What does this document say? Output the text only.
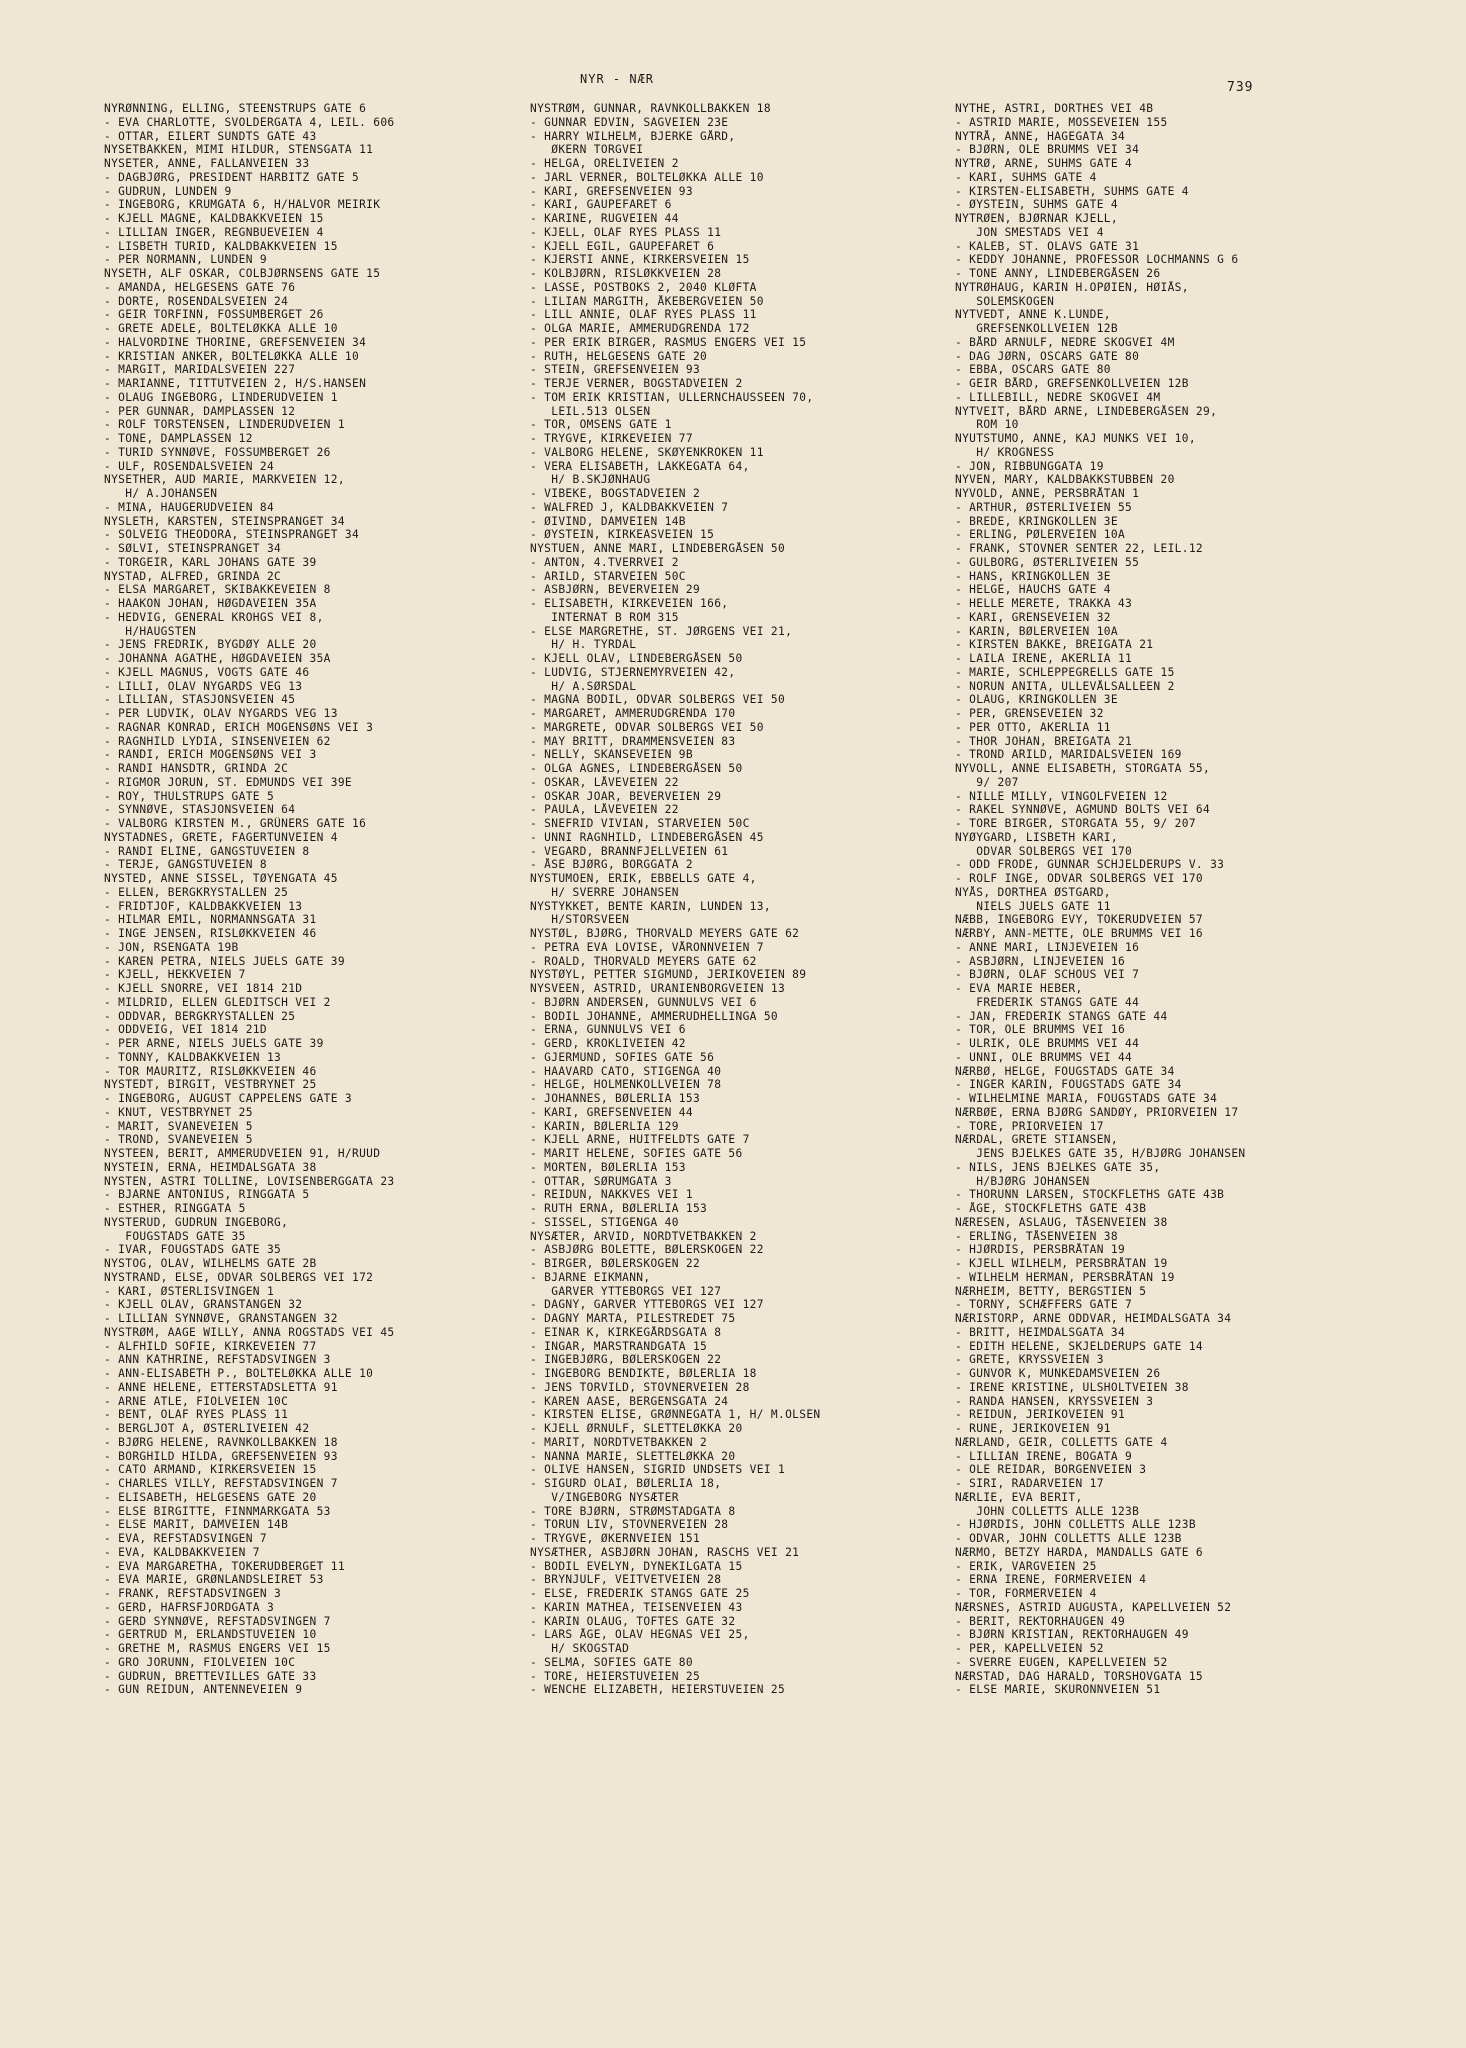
NYR - NÆR
739
NYRØNNING, ELLING, STEENSTRUPS GATE 6
- EVA CHARLOTTE, SVOLDERGATA 4, LEIL. 606
- OTTAR, EILERT SUNDTS GATE 43
NYSETBAKKEN, MIMI HILDUR, STENSGATA 11
NYSETER, ANNE, FALLANVEIEN 33
- DAGBJØRG, PRESIDENT HARBITZ GATE 5
- GUDRUN, LUNDEN 9
- INGEBORG, KRUMGATA 6, H/HALVOR MEIRIK
- KJELL MAGNE, KALDBAKKVEIEN 15
- LILLIAN INGER, REGNBUEVEIEN 4
- LISBETH TURID, KALDBAKKVEIEN 15
- PER NORMANN, LUNDEN 9
NYSETH, ALF OSKAR, COLBJØRNSENS GATE 15
- AMANDA, HELGESENS GATE 76
- DORTE, ROSENDALSVEIEN 24
- GEIR TORFINN, FOSSUMBERGET 26
- GRETE ADELE, BOLTELØKKA ALLE 10
- HALVORDINE THORINE, GREFSENVEIEN 34
- KRISTIAN ANKER, BOLTELØKKA ALLE 10
- MARGIT, MARIDALSVEIEN 227
- MARIANNE, TITTUTVEIEN 2, H/S.HANSEN
- OLAUG INGEBORG, LINDERUDVEIEN 1
- PER GUNNAR, DAMPLASSEN 12
- ROLF TORSTENSEN, LINDERUDVEIEN 1
- TONE, DAMPLASSEN 12
- TURID SYNNØVE, FOSSUMBERGET 26
- ULF, ROSENDALSVEIEN 24
NYSETHER, AUD MARIE, MARKVEIEN 12,
H/ A.JOHANSEN
- MINA, HAUGERUDVEIEN 84
NYSLETH, KARSTEN, STEINSPRANGET 34
- SOLVEIG THEODORA, STEINSPRANGET 34
- SØLVI, STEINSPRANGET 34
- TORGEIR, KARL JOHANS GATE 39
NYSTAD, ALFRED, GRINDA 2C
- ELSA MARGARET, SKIBAKKEVEIEN 8
- HAAKON JOHAN, HØGDAVEIEN 35A
- HEDVIG, GENERAL KROHGS VEI 8,
H/HAUGSTEN
- JENS FREDRIK, BYGDØY ALLE 20
- JOHANNA AGATHE, HØGDAVEIEN 35A
- KJELL MAGNUS, VOGTS GATE 46
- LILLI, OLAV NYGARDS VEG 13
- LILLIAN, STASJONSVEIEN 45
- PER LUDVIK, OLAV NYGARDS VEG 13
- RAGNAR KONRAD, ERICH MOGENSØNS VEI 3
- RAGNHILD LYDIA, SINSENVEIEN 62
- RANDI, ERICH MOGENSØNS VEI 3
- RANDI HANSDTR, GRINDA 2C
- RIGMOR JORUN, ST. EDMUNDS VEI 39E
- ROY, THULSTRUPS GATE 5
- SYNNØVE, STASJONSVEIEN 64
- VALBORG KIRSTEN M., GRÜNERS GATE 16
NYSTADNES, GRETE, FAGERTUNVEIEN 4
- RANDI ELINE, GANGSTUVEIEN 8
- TERJE, GANGSTUVEIEN 8
NYSTED, ANNE SISSEL, TØYENGATA 45
- ELLEN, BERGKRYSTALLEN 25
- FRIDTJOF, KALDBAKKVEIEN 13
- HILMAR EMIL, NORMANNSGATA 31
- INGE JENSEN, RISLØKKVEIEN 46
- JON, RSENGATA 19B
- KAREN PETRA, NIELS JUELS GATE 39
- KJELL, HEKKVEIEN 7
- KJELL SNORRE, VEI 1814 21D
- MILDRID, ELLEN GLEDITSCH VEI 2
- ODDVAR, BERGKRYSTALLEN 25
- ODDVEIG, VEI 1814 21D
- PER ARNE, NIELS JUELS GATE 39
- TONNY, KALDBAKKVEIEN 13
- TOR MAURITZ, RISLØKKVEIEN 46
NYSTEDT, BIRGIT, VESTBRYNET 25
- INGEBORG, AUGUST CAPPELENS GATE 3
- KNUT, VESTBRYNET 25
- MARIT, SVANEVEIEN 5
- TROND, SVANEVEIEN 5
NYSTEEN, BERIT, AMMERUDVEIEN 91, H/RUUD
NYSTEIN, ERNA, HEIMDALSGATA 38
NYSTEN, ASTRI TOLLINE, LOVISENBERGGATA 23
- BJARNE ANTONIUS, RINGGATA 5
- ESTHER, RINGGATA 5
NYSTERUD, GUDRUN INGEBORG,
FOUGSTADS GATE 35
- IVAR, FOUGSTADS GATE 35
NYSTOG, OLAV, WILHELMS GATE 2B
NYSTRAND, ELSE, ODVAR SOLBERGS VEI 172
- KARI, ØSTERLISVINGEN 1
- KJELL OLAV, GRANSTANGEN 32
- LILLIAN SYNNØVE, GRANSTANGEN 32
NYSTRØM, AAGE WILLY, ANNA ROGSTADS VEI 45
- ALFHILD SOFIE, KIRKEVEIEN 77
- ANN KATHRINE, REFSTADSVINGEN 3
- ANN-ELISABETH P., BOLTELØKKA ALLE 10
- ANNE HELENE, ETTERSTADSLETTA 91
- ARNE ATLE, FIOLVEIEN 10C
- BENT, OLAF RYES PLASS 11
- BERGLJOT A, ØSTERLIVEIEN 42
- BJØRG HELENE, RAVNKOLLBAKKEN 18
- BORGHILD HILDA, GREFSENVEIEN 93
- CATO ARMAND, KIRKERSVEIEN 15
- CHARLES VILLY, REFSTADSVINGEN 7
- ELISABETH, HELGESENS GATE 20
- ELSE BIRGITTE, FINNMARKGATA 53
- ELSE MARIT, DAMVEIEN 14B
- EVA, REFSTADSVINGEN 7
- EVA, KALDBAKKVEIEN 7
- EVA MARGARETHA, TOKERUDBERGET 11
- EVA MARIE, GRØNLANDSLEIRET 53
- FRANK, REFSTADSVINGEN 3
- GERD, HAFRSFJORDGATA 3
- GERD SYNNØVE, REFSTADSVINGEN 7
- GERTRUD M, ERLANDSTUVEIEN 10
- GRETHE M, RASMUS ENGERS VEI 15
- GRO JORUNN, FIOLVEIEN 10C
- GUDRUN, BRETTEVILLES GATE 33
- GUN REIDUN, ANTENNEVEIEN 9
NYSTRØM, GUNNAR, RAVNKOLLBAKKEN 18
- GUNNAR EDVIN, SAGVEIEN 23E
- HARRY WILHELM, BJERKE GÅRD,
ØKERN TORGVEI
- HELGA, ORELIVEIEN 2
- JARL VERNER, BOLTELØKKA ALLE 10
- KARI, GREFSENVEIEN 93
- KARI, GAUPEFARET 6
- KARINE, RUGVEIEN 44
- KJELL, OLAF RYES PLASS 11
- KJELL EGIL, GAUPEFARET 6
- KJERSTI ANNE, KIRKERSVEIEN 15
- KOLBJØRN, RISLØKKVEIEN 28
- LASSE, POSTBOKS 2, 2040 KLØFTA
- LILIAN MARGITH, ÅKEBERGVEIEN 50
- LILL ANNIE, OLAF RYES PLASS 11
- OLGA MARIE, AMMERUDGRENDA 172
- PER ERIK BIRGER, RASMUS ENGERS VEI 15
- RUTH, HELGESENS GATE 20
- STEIN, GREFSENVEIEN 93
- TERJE VERNER, BOGSTADVEIEN 2
- TOM ERIK KRISTIAN, ULLERNCHAUSSEEN 70,
LEIL.513 OLSEN
- TOR, OMSENS GATE 1
- TRYGVE, KIRKEVEIEN 77
- VALBORG HELENE, SKØYENKROKEN 11
- VERA ELISABETH, LAKKEGATA 64,
H/ B.SKJØNHAUG
- VIBEKE, BOGSTADVEIEN 2
- WALFRED J, KALDBAKKVEIEN 7
- ØIVIND, DAMVEIEN 14B
- ØYSTEIN, KIRKEASVEIEN 15
NYSTUEN, ANNE MARI, LINDEBERGÅSEN 50
- ANTON, 4.TVERRVEI 2
- ARILD, STARVEIEN 50C
- ASBJØRN, BEVERVEIEN 29
- ELISABETH, KIRKEVEIEN 166,
INTERNAT B ROM 315
- ELSE MARGRETHE, ST. JØRGENS VEI 21,
H/ H. TYRDAL
- KJELL OLAV, LINDEBERGÅSEN 50
- LUDVIG, STJERNEMYRVEIEN 42,
H/ A.SØRSDAL
- MAGNA BODIL, ODVAR SOLBERGS VEI 50
- MARGARET, AMMERUDGRENDA 170
- MARGRETE, ODVAR SOLBERGS VEI 50
- MAY BRITT, DRAMMENSVEIEN 83
- NELLY, SKANSEVEIEN 9B
- OLGA AGNES, LINDEBERGÅSEN 50
- OSKAR, LÅVEVEIEN 22
- OSKAR JOAR, BEVERVEIEN 29
- PAULA, LÅVEVEIEN 22
- SNEFRID VIVIAN, STARVEIEN 50C
- UNNI RAGNHILD, LINDEBERGÅSEN 45
- VEGARD, BRANNFJELLVEIEN 61
- ÅSE BJØRG, BORGGATA 2
NYSTUMOEN, ERIK, EBBELLS GATE 4,
H/ SVERRE JOHANSEN
NYSTYKKET, BENTE KARIN, LUNDEN 13,
H/STORSVEEN
NYSTØL, BJØRG, THORVALD MEYERS GATE 62
- PETRA EVA LOVISE, VÅRONNVEIEN 7
- ROALD, THORVALD MEYERS GATE 62
NYSTØYL, PETTER SIGMUND, JERIKOVEIEN 89
NYSVEEN, ASTRID, URANIENBORGVEIEN 13
- BJØRN ANDERSEN, GUNNULVS VEI 6
- BODIL JOHANNE, AMMERUDHELLINGA 50
- ERNA, GUNNULVS VEI 6
- GERD, KROKLIVEIEN 42
- GJERMUND, SOFIES GATE 56
- HAAVARD CATO, STIGENGA 40
- HELGE, HOLMENKOLLVEIEN 78
- JOHANNES, BØLERLIA 153
- KARI, GREFSENVEIEN 44
- KARIN, BØLERLIA 129
- KJELL ARNE, HUITFELDTS GATE 7
- MARIT HELENE, SOFIES GATE 56
- MORTEN, BØLERLIA 153
- OTTAR, SØRUMGATA 3
- REIDUN, NAKKVES VEI 1
- RUTH ERNA, BØLERLIA 153
- SISSEL, STIGENGA 40
NYSÆTER, ARVID, NORDTVETBAKKEN 2
- ASBJØRG BOLETTE, BØLERSKOGEN 22
- BIRGER, BØLERSKOGEN 22
- BJARNE EIKMANN,
GARVER YTTEBORGS VEI 127
- DAGNY, GARVER YTTEBORGS VEI 127
- DAGNY MARTA, PILESTREDET 75
- EINAR K, KIRKEGÅRDSGATA 8
- INGAR, MARSTRANDGATA 15
- INGEBJØRG, BØLERSKOGEN 22
- INGEBORG BENDIKTE, BØLERLIA 18
- JENS TORVILD, STOVNERVEIEN 28
- KAREN AASE, BERGENSGATA 24
- KIRSTEN ELISE, GRØNNEGATA 1, H/ M.OLSEN
- KJELL ØRNULF, SLETTELØKKA 20
- MARIT, NORDTVETBAKKEN 2
- NANNA MARIE, SLETTELØKKA 20
- OLIVE HANSEN, SIGRID UNDSETS VEI 1
- SIGURD OLAI, BØLERLIA 18,
V/INGEBORG NYSÆTER
- TORE BJØRN, STRØMSTADGATA 8
- TORUN LIV, STOVNERVEIEN 28
- TRYGVE, ØKERNVEIEN 151
NYSÆTHER, ASBJØRN JOHAN, RASCHS VEI 21
- BODIL EVELYN, DYNEKILGATA 15
- BRYNJULF, VEITVETVEIEN 28
- ELSE, FREDERIK STANGS GATE 25
- KARIN MATHEA, TEISENVEIEN 43
- KARIN OLAUG, TOFTES GATE 32
- LARS ÅGE, OLAV HEGNAS VEI 25,
H/ SKOGSTAD
- SELMA, SOFIES GATE 80
- TORE, HEIERSTUVEIEN 25
- WENCHE ELIZABETH, HEIERSTUVEIEN 25
NYTHE, ASTRI, DORTHES VEI 4B
- ASTRID MARIE, MOSSEVEIEN 155
NYTRÅ, ANNE, HAGEGATA 34
- BJØRN, OLE BRUMMS VEI 34
NYTRØ, ARNE, SUHMS GATE 4
- KARI, SUHMS GATE 4
- KIRSTEN-ELISABETH, SUHMS GATE 4
- ØYSTEIN, SUHMS GATE 4
NYTRØEN, BJØRNAR KJELL,
JON SMESTADS VEI 4
- KALEB, ST. OLAVS GATE 31
- KEDDY JOHANNE, PROFESSOR LOCHMANNS G 6
- TONE ANNY, LINDEBERGÅSEN 26
NYTRØHAUG, KARIN H.OPØIEN, HØIÅS,
SOLEMSKOGEN
NYTVEDT, ANNE K.LUNDE,
GREFSENKOLLVEIEN 12B
- BÅRD ARNULF, NEDRE SKOGVEI 4M
- DAG JØRN, OSCARS GATE 80
- EBBA, OSCARS GATE 80
- GEIR BÅRD, GREFSENKOLLVEIEN 12B
- LILLEBILL, NEDRE SKOGVEI 4M
NYTVEIT, BÅRD ARNE, LINDEBERGÅSEN 29,
ROM 10
NYUTSTUMO, ANNE, KAJ MUNKS VEI 10,
H/ KROGNESS
- JON, RIBBUNGGATA 19
NYVEN, MARY, KALDBAKKSTUBBEN 20
NYVOLD, ANNE, PERSBRÅTAN 1
- ARTHUR, ØSTERLIVEIEN 55
- BREDE, KRINGKOLLEN 3E
- ERLING, PØLERVEIEN 10A
- FRANK, STOVNER SENTER 22, LEIL.12
- GULBORG, ØSTERLIVEIEN 55
- HANS, KRINGKOLLEN 3E
- HELGE, HAUCHS GATE 4
- HELLE MERETE, TRAKKA 43
- KARI, GRENSEVEIEN 32
- KARIN, BØLERVEIEN 10A
- KIRSTEN BAKKE, BREIGATA 21
- LAILA IRENE, AKERLIA 11
- MARIE, SCHLEPPEGRELLS GATE 15
- NORUN ANITA, ULLEVÅLSALLEEN 2
- OLAUG, KRINGKOLLEN 3E
- PER, GRENSEVEIEN 32
- PER OTTO, AKERLIA 11
- THOR JOHAN, BREIGATA 21
- TROND ARILD, MARIDALSVEIEN 169
NYVOLL, ANNE ELISABETH, STORGATA 55,
9/ 207
- NILLE MILLY, VINGOLFVEIEN 12
- RAKEL SYNNØVE, AGMUND BOLTS VEI 64
- TORE BIRGER, STORGATA 55, 9/ 207
NYØYGARD, LISBETH KARI,
ODVAR SOLBERGS VEI 170
- ODD FRODE, GUNNAR SCHJELDERUPS V. 33
- ROLF INGE, ODVAR SOLBERGS VEI 170
NYÅS, DORTHEA ØSTGARD,
NIELS JUELS GATE 11
NÆBB, INGEBORG EVY, TOKERUDVEIEN 57
NÆRBY, ANN-METTE, OLE BRUMMS VEI 16
- ANNE MARI, LINJEVEIEN 16
- ASBJØRN, LINJEVEIEN 16
- BJØRN, OLAF SCHOUS VEI 7
- EVA MARIE HEBER,
FREDERIK STANGS GATE 44
- JAN, FREDERIK STANGS GATE 44
- TOR, OLE BRUMMS VEI 16
- ULRIK, OLE BRUMMS VEI 44
- UNNI, OLE BRUMMS VEI 44
NÆRBØ, HELGE, FOUGSTADS GATE 34
- INGER KARIN, FOUGSTADS GATE 34
- WILHELMINE MARIA, FOUGSTADS GATE 34
NÆRBØE, ERNA BJØRG SANDØY, PRIORVEIEN 17
- TORE, PRIORVEIEN 17
NÆRDAL, GRETE STIANSEN,
JENS BJELKES GATE 35, H/BJØRG JOHANSEN
- NILS, JENS BJELKES GATE 35,
H/BJØRG JOHANSEN
- THORUNN LARSEN, STOCKFLETHS GATE 43B
- ÅGE, STOCKFLETHS GATE 43B
NÆRESEN, ASLAUG, TÅSENVEIEN 38
- ERLING, TÅSENVEIEN 38
- HJØRDIS, PERSBRÅTAN 19
- KJELL WILHELM, PERSBRÅTAN 19
- WILHELM HERMAN, PERSBRÅTAN 19
NÆRHEIM, BETTY, BERGSTIEN 5
- TORNY, SCHÆFFERS GATE 7
NÆRISTORP, ARNE ODDVAR, HEIMDALSGATA 34
- BRITT, HEIMDALSGATA 34
- EDITH HELENE, SKJELDERUPS GATE 14
- GRETE, KRYSSVEIEN 3
- GUNVOR K, MUNKEDAMSVEIEN 26
- IRENE KRISTINE, ULSHOLTVEIEN 38
- RANDA HANSEN, KRYSSVEIEN 3
- REIDUN, JERIKOVEIEN 91
- RUNE, JERIKOVEIEN 91
NÆRLAND, GEIR, COLLETTS GATE 4
- LILLIAN IRENE, BOGATA 9
- OLE REIDAR, BORGENVEIEN 3
- SIRI, RADARVEIEN 17
NÆRLIE, EVA BERIT,
JOHN COLLETTS ALLE 123B
- HJØRDIS, JOHN COLLETTS ALLE 123B
- ODVAR, JOHN COLLETTS ALLE 123B
NÆRMO, BETZY HARDA, MANDALLS GATE 6
- ERIK, VARGVEIEN 25
- ERNA IRENE, FORMERVEIEN 4
- TOR, FORMERVEIEN 4
NÆRSNES, ASTRID AUGUSTA, KAPELLVEIEN 52
- BERIT, REKTORHAUGEN 49
- BJØRN KRISTIAN, REKTORHAUGEN 49
- PER, KAPELLVEIEN 52
- SVERRE EUGEN, KAPELLVEIEN 52
NÆRSTAD, DAG HARALD, TORSHOVGATA 15
- ELSE MARIE, SKURONNVEIEN 51
